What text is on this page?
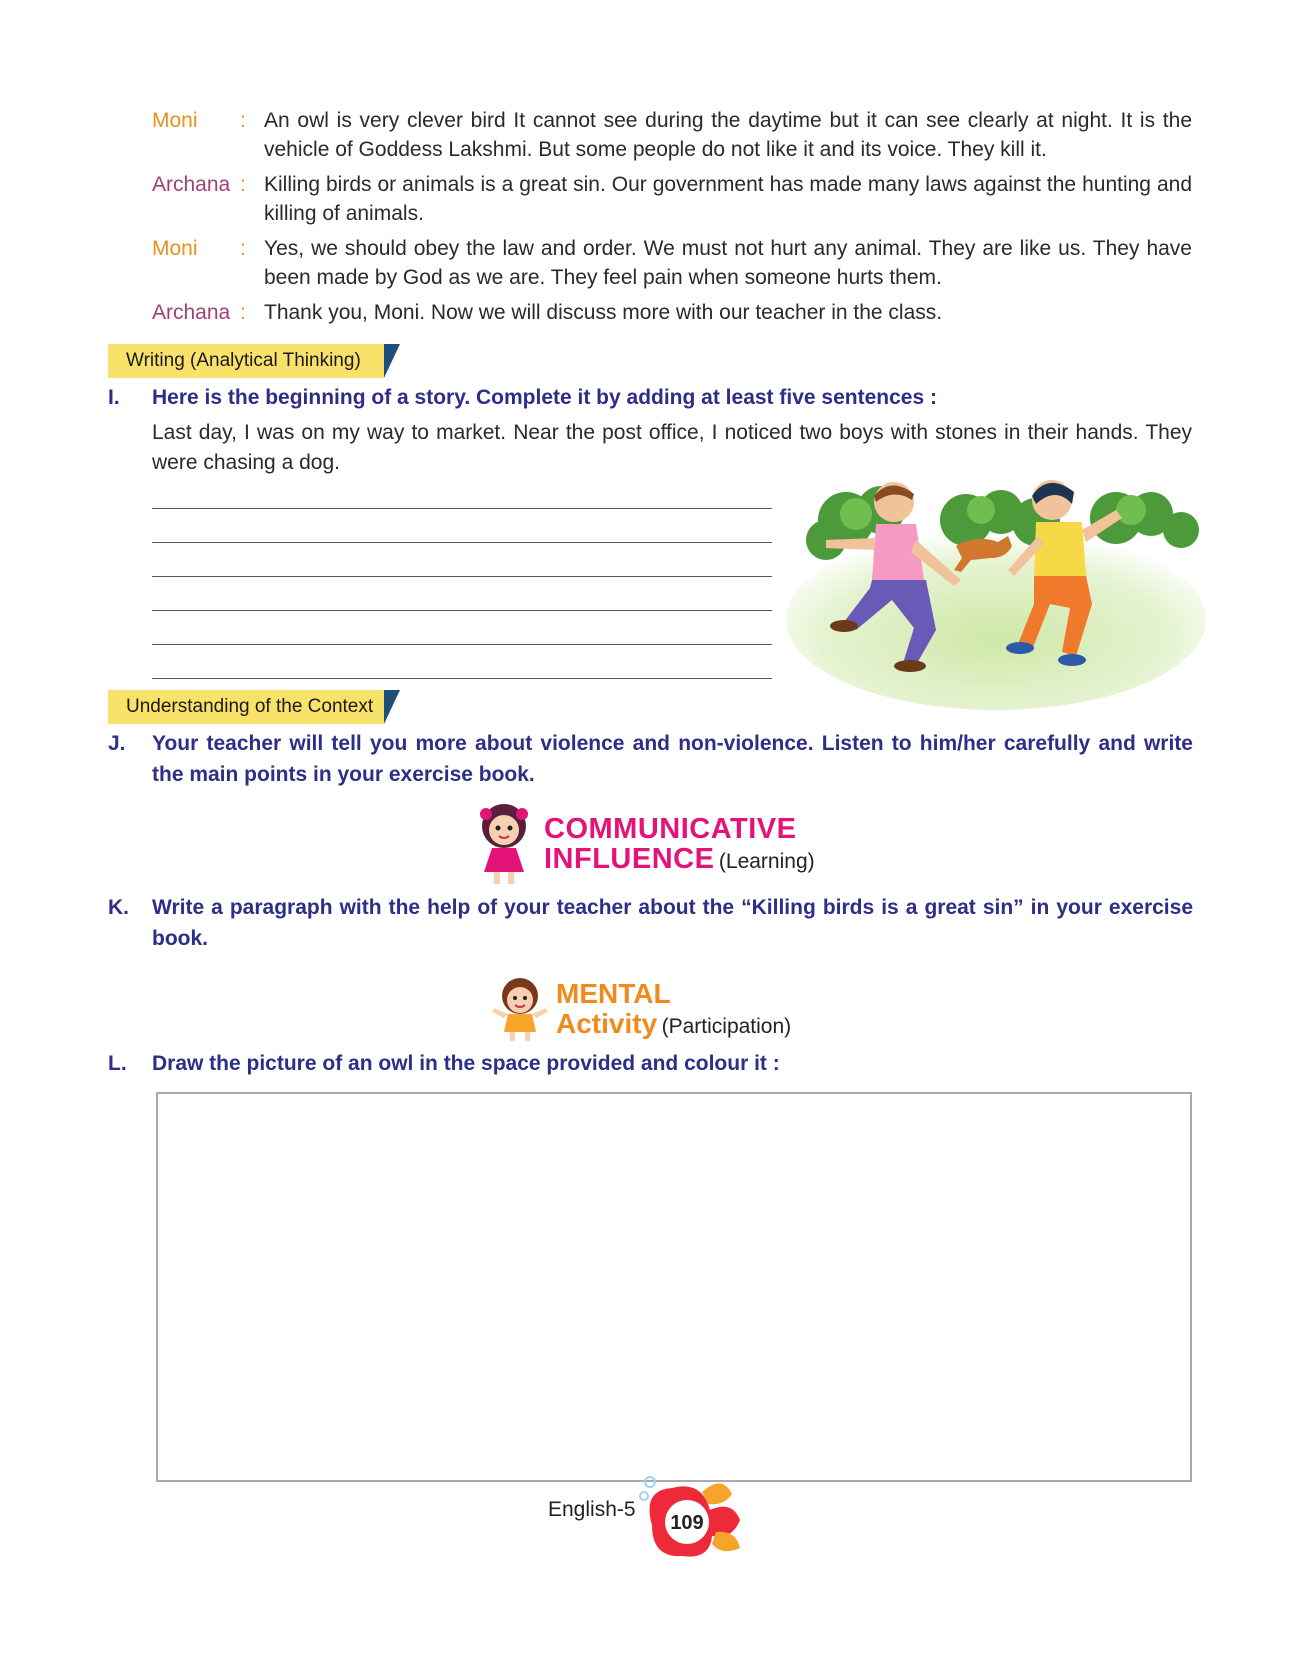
Moni	: An owl is very clever bird It cannot see during the daytime but it can see clearly at night. It is the vehicle of Goddess Lakshmi. But some people do not like it and its voice. They kill it.
Archana : Killing birds or animals is a great sin. Our government has made many laws against the hunting and killing of animals.
Moni	: Yes, we should obey the law and order. We must not hurt any animal. They are like us. They have been made by God as we are. They feel pain when someone hurts them.
Archana : Thank you, Moni. Now we will discuss more with our teacher in the class.
Writing (Analytical Thinking)
I.	Here is the beginning of a story. Complete it by adding at least five sentences :
Last day, I was on my way to market. Near the post office, I noticed two boys with stones in their hands. They were chasing a dog.
Understanding of the Context
J.	Your teacher will tell you more about violence and non-violence. Listen to him/her carefully and write the main points in your exercise book.
COMMUNICATIVE
INFLUENCE (Learning)
K.	Write a paragraph with the help of your teacher about the “Killing birds is a great sin” in your exercise book.
MENTAL
Activity (Participation)
L.	Draw the picture of an owl in the space provided and colour it :
English-5
109
